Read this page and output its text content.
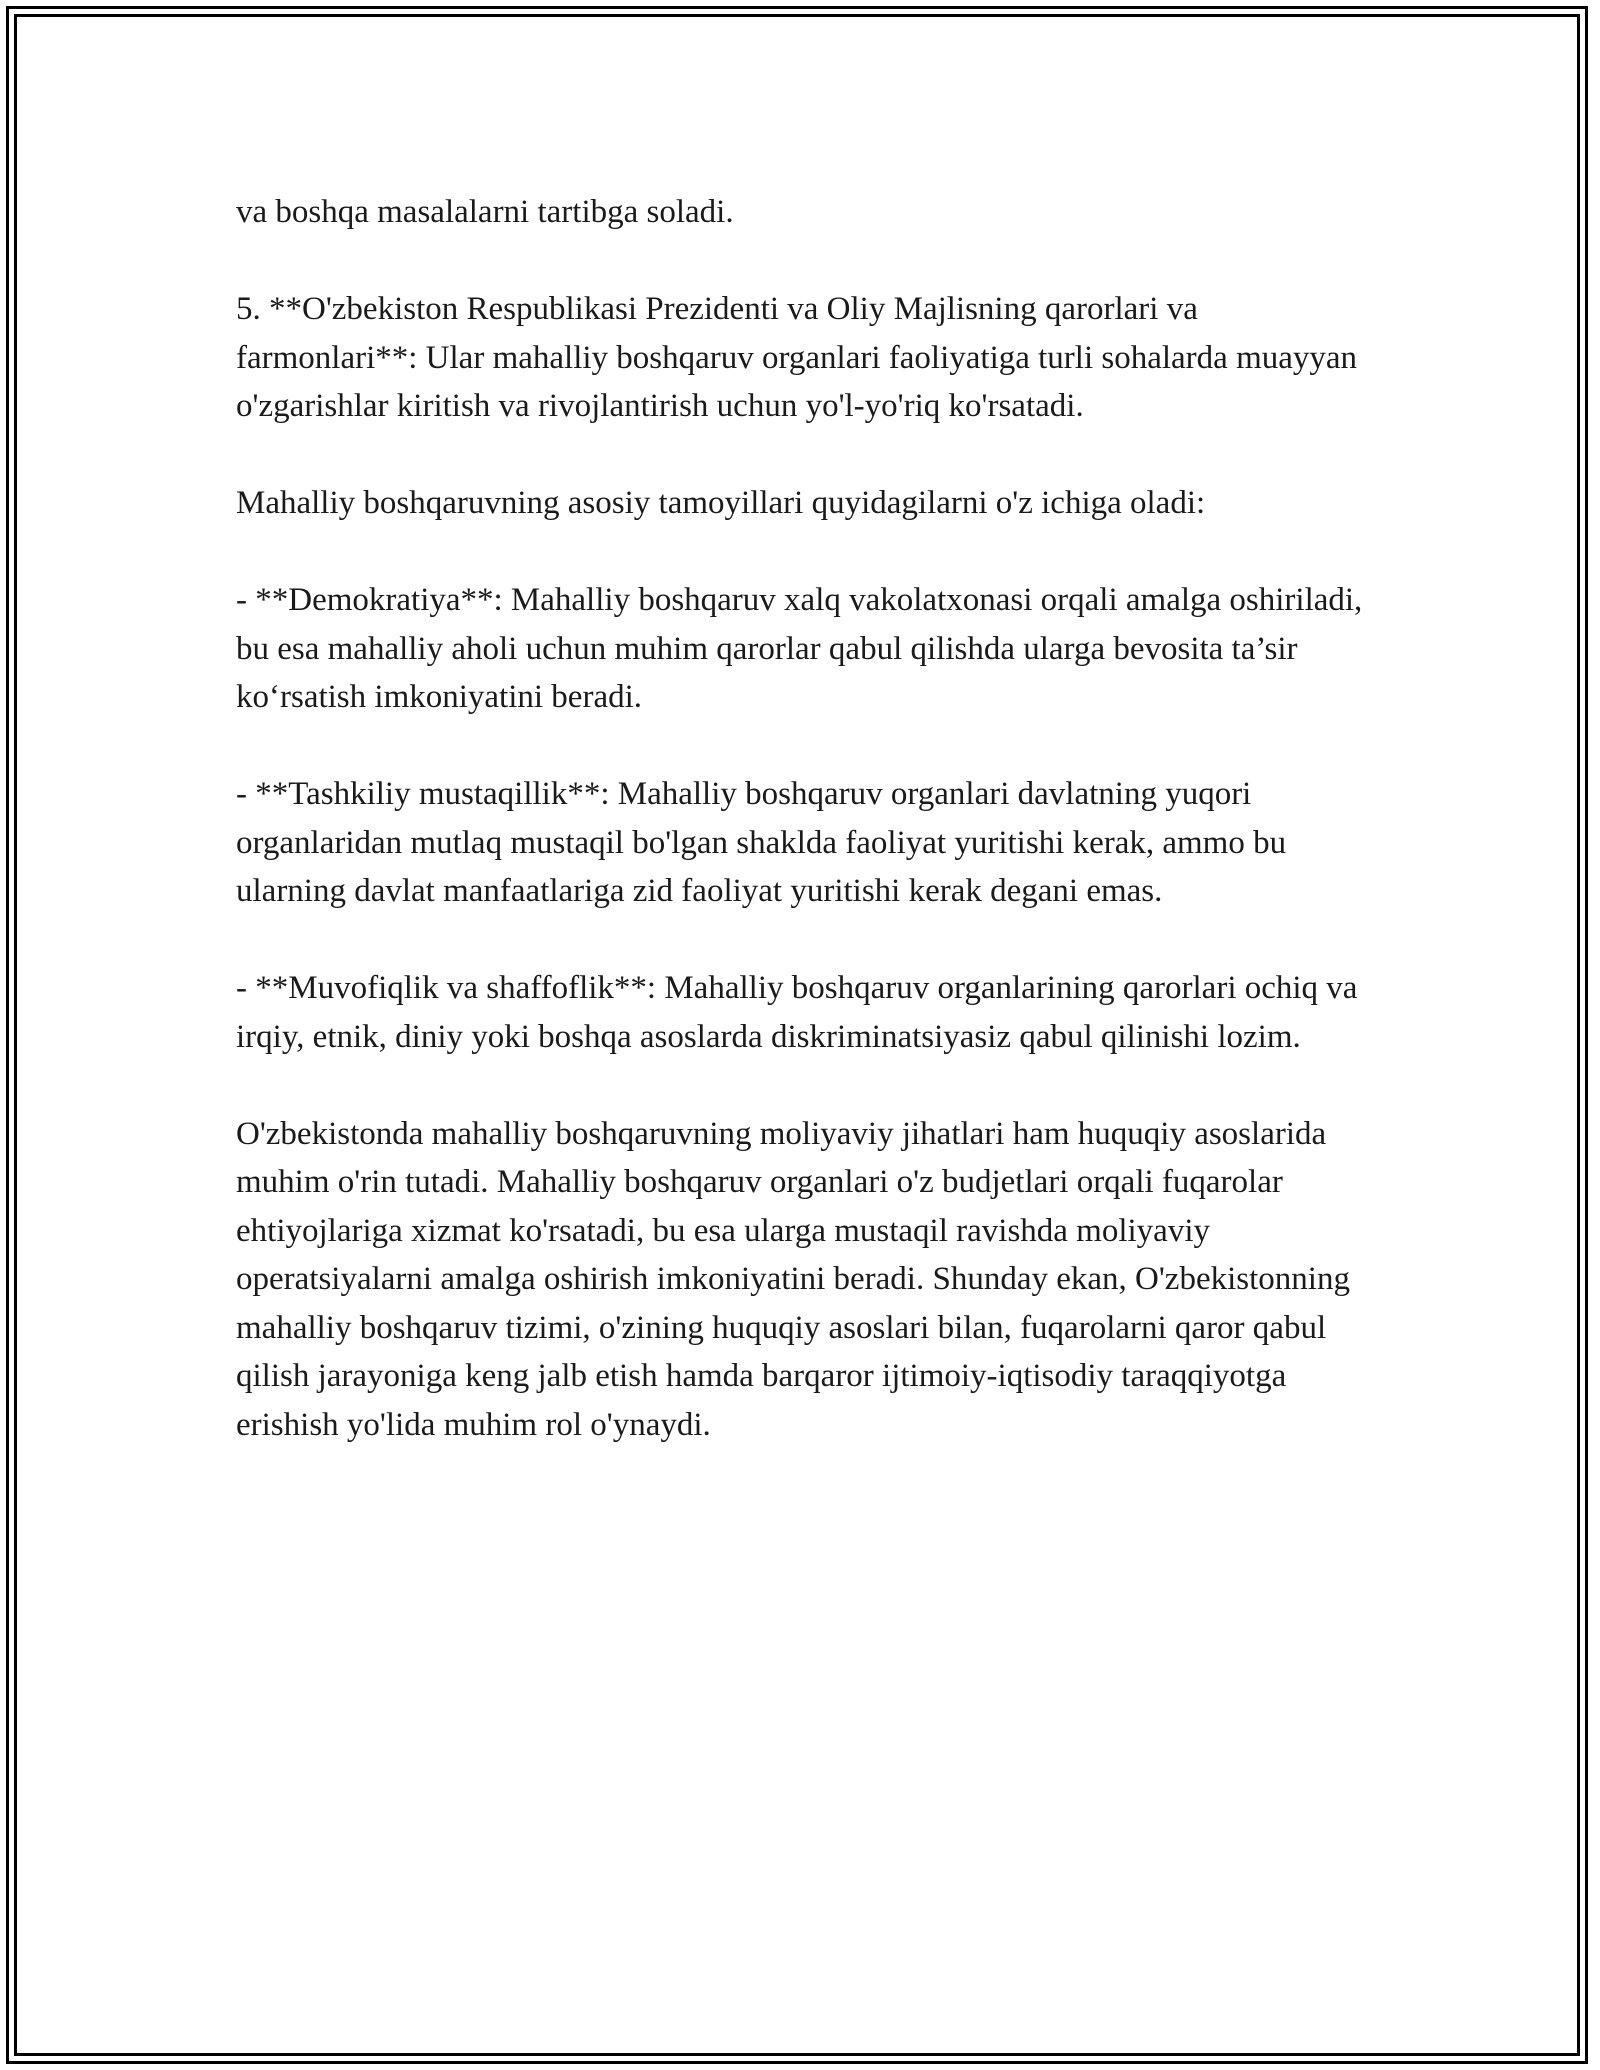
va boshqa masalalarni tartibga soladi.

5. **O'zbekiston Respublikasi Prezidenti va Oliy Majlisning qarorlari va farmonlari**: Ular mahalliy boshqaruv organlari faoliyatiga turli sohalarda muayyan o'zgarishlar kiritish va rivojlantirish uchun yo'l-yo'riq ko'rsatadi.

Mahalliy boshqaruvning asosiy tamoyillari quyidagilarni o'z ichiga oladi:

- **Demokratiya**: Mahalliy boshqaruv xalq vakolatxonasi orqali amalga oshiriladi, bu esa mahalliy aholi uchun muhim qarorlar qabul qilishda ularga bevosita ta’sir ko‘rsatish imkoniyatini beradi.

- **Tashkiliy mustaqillik**: Mahalliy boshqaruv organlari davlatning yuqori organlaridan mutlaq mustaqil bo'lgan shaklda faoliyat yuritishi kerak, ammo bu ularning davlat manfaatlariga zid faoliyat yuritishi kerak degani emas.

- **Muvofiqlik va shaffoflik**: Mahalliy boshqaruv organlarining qarorlari ochiq va irqiy, etnik, diniy yoki boshqa asoslarda diskriminatsiyasiz qabul qilinishi lozim.

O'zbekistonda mahalliy boshqaruvning moliyaviy jihatlari ham huquqiy asoslarida muhim o'rin tutadi. Mahalliy boshqaruv organlari o'z budjetlari orqali fuqarolar ehtiyojlariga xizmat ko'rsatadi, bu esa ularga mustaqil ravishda moliyaviy operatsiyalarni amalga oshirish imkoniyatini beradi. Shunday ekan, O'zbekistonning mahalliy boshqaruv tizimi, o'zining huquqiy asoslari bilan, fuqarolarni qaror qabul qilish jarayoniga keng jalb etish hamda barqaror ijtimoiy-iqtisodiy taraqqiyotga erishish yo'lida muhim rol o'ynaydi.
